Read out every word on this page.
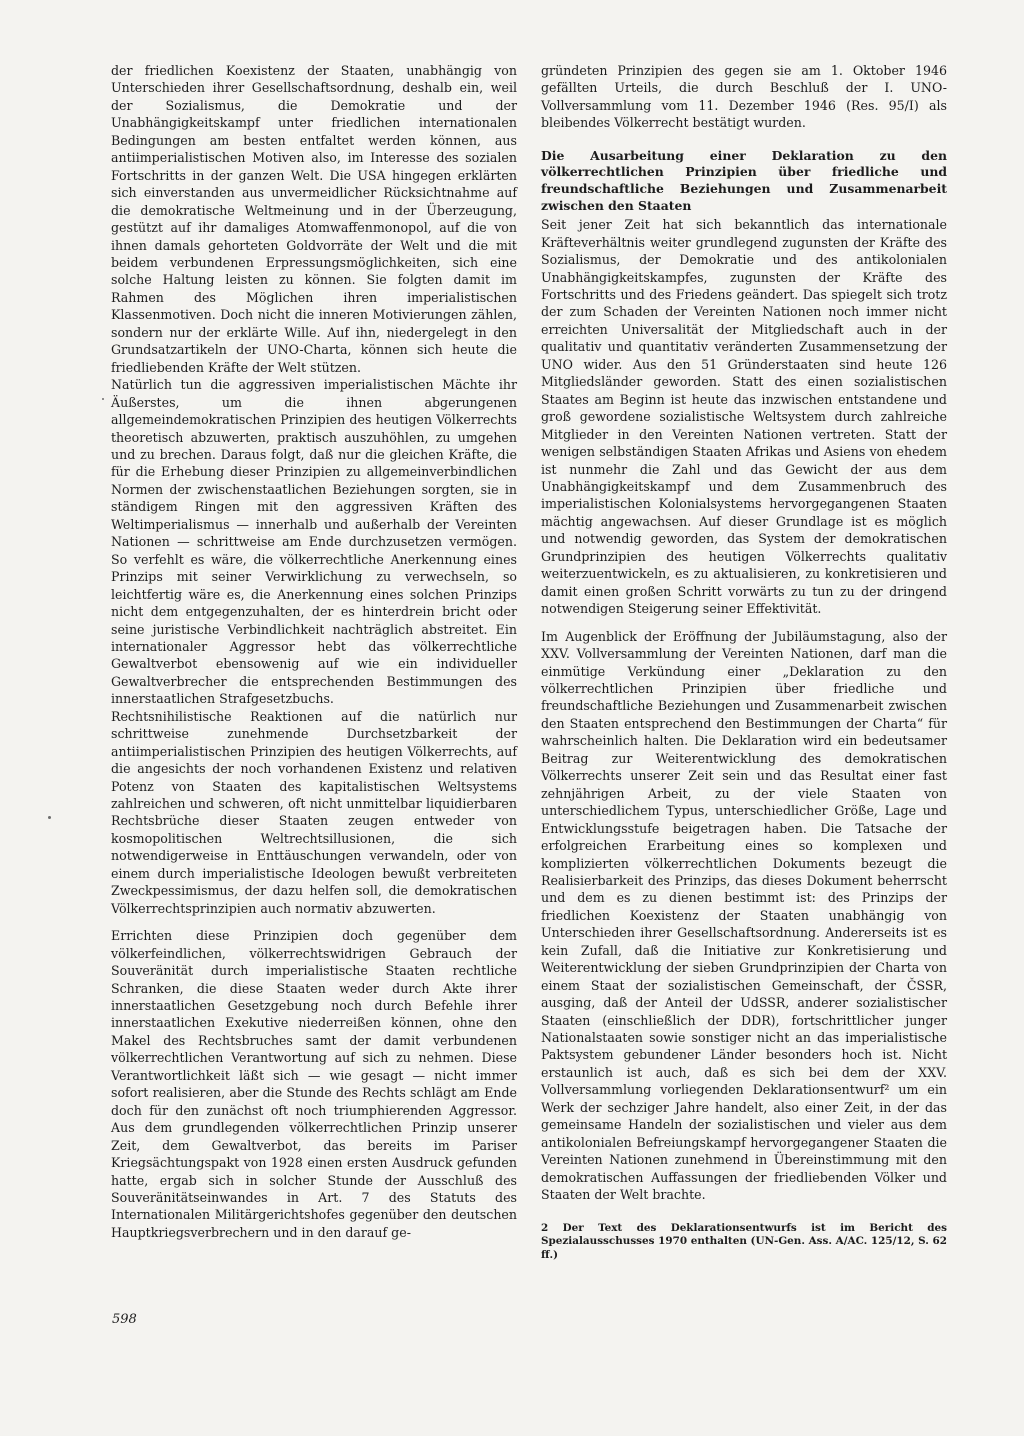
der friedlichen Koexistenz der Staaten, unabhängig von Unterschieden ihrer Gesellschaftsordnung, deshalb ein, weil der Sozialismus, die Demokratie und der Unabhängigkeitskampf unter friedlichen internationalen Bedingungen am besten entfaltet werden können, aus antiimperialistischen Motiven also, im Interesse des sozialen Fortschritts in der ganzen Welt. Die USA hingegen erklärten sich einverstanden aus unvermeidlicher Rücksichtnahme auf die demokratische Weltmeinung und in der Überzeugung, gestützt auf ihr damaliges Atomwaffenmonopol, auf die von ihnen damals gehorteten Goldvorräte der Welt und die mit beidem verbundenen Erpressungsmöglichkeiten, sich eine solche Haltung leisten zu können. Sie folgten damit im Rahmen des Möglichen ihren imperialistischen Klassenmotiven. Doch nicht die inneren Motivierungen zählen, sondern nur der erklärte Wille. Auf ihn, niedergelegt in den Grundsatzartikeln der UNO-Charta, können sich heute die friedliebenden Kräfte der Welt stützen.

Natürlich tun die aggressiven imperialistischen Mächte ihr Äußerstes, um die ihnen abgerungenen allgemeindemokratischen Prinzipien des heutigen Völkerrechts theoretisch abzuwerten, praktisch auszuhöhlen, zu umgehen und zu brechen. Daraus folgt, daß nur die gleichen Kräfte, die für die Erhebung dieser Prinzipien zu allgemeinverbindlichen Normen der zwischenstaatlichen Beziehungen sorgten, sie in ständigem Ringen mit den aggressiven Kräften des Weltimperialismus — innerhalb und außerhalb der Vereinten Nationen — schrittweise am Ende durchzusetzen vermögen. So verfehlt es wäre, die völkerrechtliche Anerkennung eines Prinzips mit seiner Verwirklichung zu verwechseln, so leichtfertig wäre es, die Anerkennung eines solchen Prinzips nicht dem entgegenzuhalten, der es hinterdrein bricht oder seine juristische Verbindlichkeit nachträglich abstreitet. Ein internationaler Aggressor hebt das völkerrechtliche Gewaltverbot ebensowenig auf wie ein individueller Gewaltverbrecher die entsprechenden Bestimmungen des innerstaatlichen Strafgesetzbuchs.

Rechtsnihilistische Reaktionen auf die natürlich nur schrittweise zunehmende Durchsetzbarkeit der antiimperialistischen Prinzipien des heutigen Völkerrechts, auf die angesichts der noch vorhandenen Existenz und relativen Potenz von Staaten des kapitalistischen Weltsystems zahlreichen und schweren, oft nicht unmittelbar liquidierbaren Rechtsbrüche dieser Staaten zeugen entweder von kosmopolitischen Weltrechtsillusionen, die sich notwendigerweise in Enttäuschungen verwandeln, oder von einem durch imperialistische Ideologen bewußt verbreiteten Zweckpessimismus, der dazu helfen soll, die demokratischen Völkerrechtsprinzipien auch normativ abzuwerten.

Errichten diese Prinzipien doch gegenüber dem völkerfeindlichen, völkerrechtswidrigen Gebrauch der Souveränität durch imperialistische Staaten rechtliche Schranken, die diese Staaten weder durch Akte ihrer innerstaatlichen Gesetzgebung noch durch Befehle ihrer innerstaatlichen Exekutive niederreißen können, ohne den Makel des Rechtsbruches samt der damit verbundenen völkerrechtlichen Verantwortung auf sich zu nehmen. Diese Verantwortlichkeit läßt sich — wie gesagt — nicht immer sofort realisieren, aber die Stunde des Rechts schlägt am Ende doch für den zunächst oft noch triumphierenden Aggressor. Aus dem grundlegenden völkerrechtlichen Prinzip unserer Zeit, dem Gewaltverbot, das bereits im Pariser Kriegsächtungspakt von 1928 einen ersten Ausdruck gefunden hatte, ergab sich in solcher Stunde der Ausschluß des Souveränitätseinwandes in Art. 7 des Statuts des Internationalen Militärgerichtshofes gegenüber den deutschen Hauptkriegsverbrechern und in den darauf ge-

gründeten Prinzipien des gegen sie am 1. Oktober 1946 gefällten Urteils, die durch Beschluß der I. UNO-Vollversammlung vom 11. Dezember 1946 (Res. 95/I) als bleibendes Völkerrecht bestätigt wurden.

Die Ausarbeitung einer Deklaration zu den völkerrechtlichen Prinzipien über friedliche und freundschaftliche Beziehungen und Zusammenarbeit zwischen den Staaten

Seit jener Zeit hat sich bekanntlich das internationale Kräfteverhältnis weiter grundlegend zugunsten der Kräfte des Sozialismus, der Demokratie und des antikolonialen Unabhängigkeitskampfes, zugunsten der Kräfte des Fortschritts und des Friedens geändert. Das spiegelt sich trotz der zum Schaden der Vereinten Nationen noch immer nicht erreichten Universalität der Mitgliedschaft auch in der qualitativ und quantitativ veränderten Zusammensetzung der UNO wider. Aus den 51 Gründerstaaten sind heute 126 Mitgliedsländer geworden. Statt des einen sozialistischen Staates am Beginn ist heute das inzwischen entstandene und groß gewordene sozialistische Weltsystem durch zahlreiche Mitglieder in den Vereinten Nationen vertreten. Statt der wenigen selbständigen Staaten Afrikas und Asiens von ehedem ist nunmehr die Zahl und das Gewicht der aus dem Unabhängigkeitskampf und dem Zusammenbruch des imperialistischen Kolonialsystems hervorgegangenen Staaten mächtig angewachsen. Auf dieser Grundlage ist es möglich und notwendig geworden, das System der demokratischen Grundprinzipien des heutigen Völkerrechts qualitativ weiterzuentwickeln, es zu aktualisieren, zu konkretisieren und damit einen großen Schritt vorwärts zu tun zu der dringend notwendigen Steigerung seiner Effektivität.

Im Augenblick der Eröffnung der Jubiläumstagung, also der XXV. Vollversammlung der Vereinten Nationen, darf man die einmütige Verkündung einer „Deklaration zu den völkerrechtlichen Prinzipien über friedliche und freundschaftliche Beziehungen und Zusammenarbeit zwischen den Staaten entsprechend den Bestimmungen der Charta“ für wahrscheinlich halten. Die Deklaration wird ein bedeutsamer Beitrag zur Weiterentwicklung des demokratischen Völkerrechts unserer Zeit sein und das Resultat einer fast zehnjährigen Arbeit, zu der viele Staaten von unterschiedlichem Typus, unterschiedlicher Größe, Lage und Entwicklungsstufe beigetragen haben. Die Tatsache der erfolgreichen Erarbeitung eines so komplexen und komplizierten völkerrechtlichen Dokuments bezeugt die Realisierbarkeit des Prinzips, das dieses Dokument beherrscht und dem es zu dienen bestimmt ist: des Prinzips der friedlichen Koexistenz der Staaten unabhängig von Unterschieden ihrer Gesellschaftsordnung. Andererseits ist es kein Zufall, daß die Initiative zur Konkretisierung und Weiterentwicklung der sieben Grundprinzipien der Charta von einem Staat der sozialistischen Gemeinschaft, der ČSSR, ausging, daß der Anteil der UdSSR, anderer sozialistischer Staaten (einschließlich der DDR), fortschrittlicher junger Nationalstaaten sowie sonstiger nicht an das imperialistische Paktsystem gebundener Länder besonders hoch ist. Nicht erstaunlich ist auch, daß es sich bei dem der XXV. Vollversammlung vorliegenden Deklarationsentwurf² um ein Werk der sechziger Jahre handelt, also einer Zeit, in der das gemeinsame Handeln der sozialistischen und vieler aus dem antikolonialen Befreiungskampf hervorgegangener Staaten die Vereinten Nationen zunehmend in Übereinstimmung mit den demokratischen Auffassungen der friedliebenden Völker und Staaten der Welt brachte.

2 Der Text des Deklarationsentwurfs ist im Bericht des Spezialausschusses 1970 enthalten (UN-Gen. Ass. A/AC. 125/12, S. 62 ff.)

598
